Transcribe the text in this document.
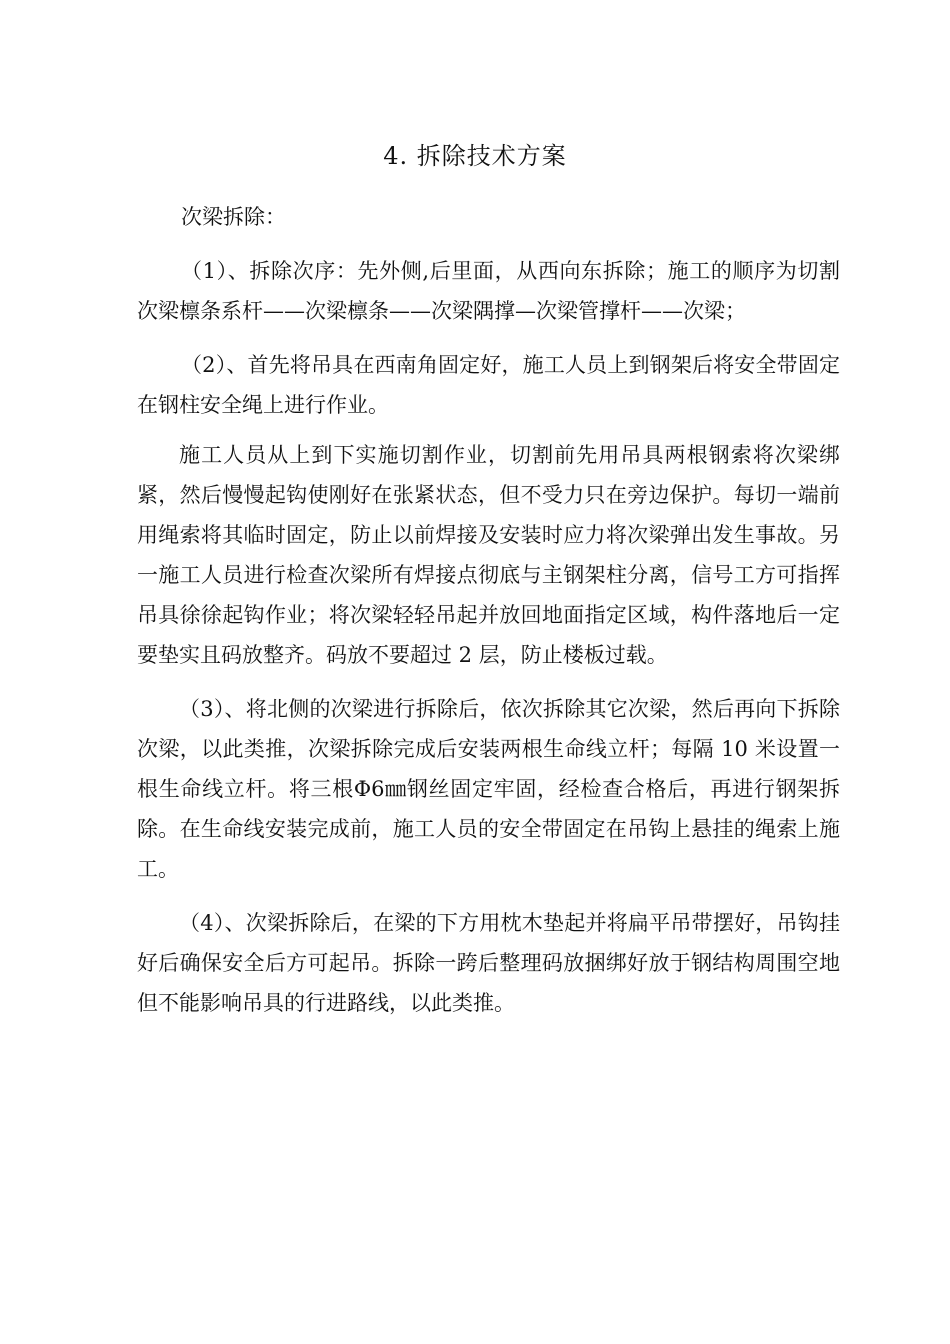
4. 拆除技术方案

次梁拆除：

（1）、拆除次序：先外侧,后里面，从西向东拆除；施工的顺序为切割次梁檩条系杆——次梁檩条——次梁隅撑—次梁管撑杆——次梁；

（2）、首先将吊具在西南角固定好，施工人员上到钢架后将安全带固定在钢柱安全绳上进行作业。

施工人员从上到下实施切割作业，切割前先用吊具两根钢索将次梁绑紧，然后慢慢起钩使刚好在张紧状态，但不受力只在旁边保护。每切一端前用绳索将其临时固定，防止以前焊接及安装时应力将次梁弹出发生事故。另一施工人员进行检查次梁所有焊接点彻底与主钢架柱分离，信号工方可指挥吊具徐徐起钩作业；将次梁轻轻吊起并放回地面指定区域，构件落地后一定要垫实且码放整齐。码放不要超过 2 层，防止楼板过载。

（3）、将北侧的次梁进行拆除后，依次拆除其它次梁，然后再向下拆除次梁，以此类推，次梁拆除完成后安装两根生命线立杆；每隔 10 米设置一根生命线立杆。将三根Φ6㎜钢丝固定牢固，经检查合格后，再进行钢架拆除。在生命线安装完成前，施工人员的安全带固定在吊钩上悬挂的绳索上施工。

（4）、次梁拆除后，在梁的下方用枕木垫起并将扁平吊带摆好，吊钩挂好后确保安全后方可起吊。拆除一跨后整理码放捆绑好放于钢结构周围空地但不能影响吊具的行进路线，以此类推。
